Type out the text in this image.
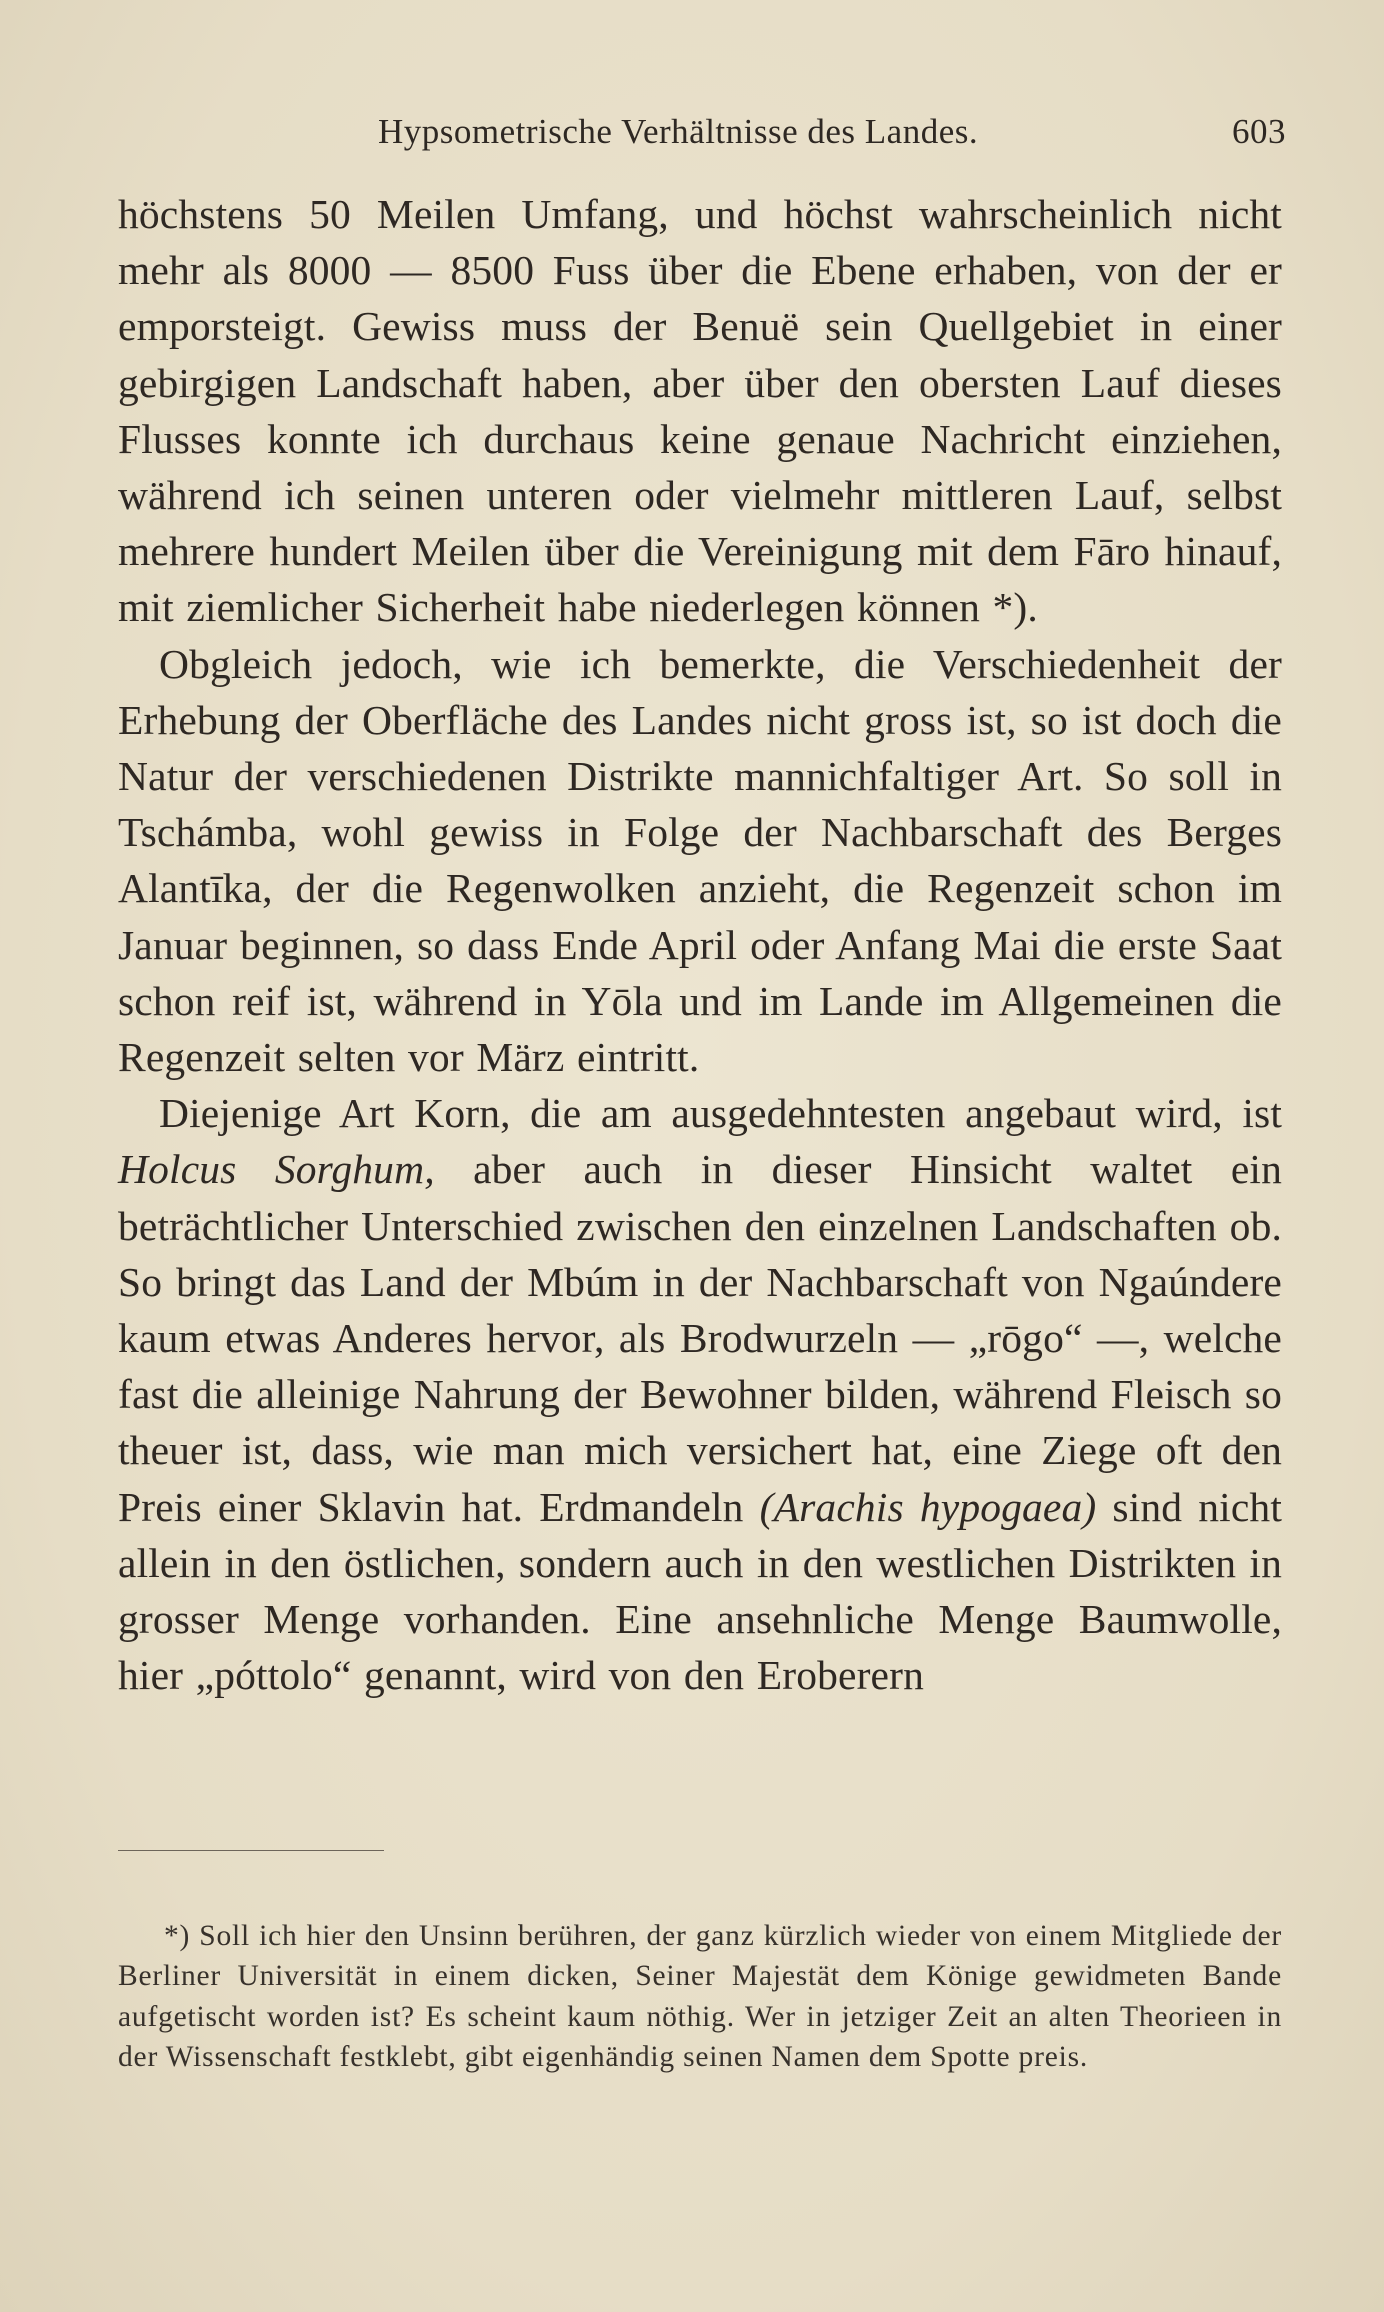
Hypsometrische Verhältnisse des Landes.	603

höchstens 50 Meilen Umfang, und höchst wahrscheinlich nicht mehr als 8000 — 8500 Fuss über die Ebene erhaben, von der er emporsteigt. Gewiss muss der Benuë sein Quellgebiet in einer gebirgigen Landschaft haben, aber über den obersten Lauf dieses Flusses konnte ich durchaus keine genaue Nachricht einziehen, während ich seinen unteren oder vielmehr mittleren Lauf, selbst mehrere hundert Meilen über die Vereinigung mit dem Fāro hinauf, mit ziemlicher Sicherheit habe niederlegen können *).

Obgleich jedoch, wie ich bemerkte, die Verschiedenheit der Erhebung der Oberfläche des Landes nicht gross ist, so ist doch die Natur der verschiedenen Distrikte mannichfaltiger Art. So soll in Tschámba, wohl gewiss in Folge der Nachbarschaft des Berges Alantīka, der die Regenwolken anzieht, die Regenzeit schon im Januar beginnen, so dass Ende April oder Anfang Mai die erste Saat schon reif ist, während in Yōla und im Lande im Allgemeinen die Regenzeit selten vor März eintritt.

Diejenige Art Korn, die am ausgedehntesten angebaut wird, ist Holcus Sorghum, aber auch in dieser Hinsicht waltet ein beträchtlicher Unterschied zwischen den einzelnen Landschaften ob. So bringt das Land der Mbúm in der Nachbarschaft von Ngaúndere kaum etwas Anderes hervor, als Brodwurzeln — „rōgo“ —, welche fast die alleinige Nahrung der Bewohner bilden, während Fleisch so theuer ist, dass, wie man mich versichert hat, eine Ziege oft den Preis einer Sklavin hat. Erdmandeln (Arachis hypogaea) sind nicht allein in den östlichen, sondern auch in den westlichen Distrikten in grosser Menge vorhanden. Eine ansehnliche Menge Baumwolle, hier „póttolo“ genannt, wird von den Eroberern

*) Soll ich hier den Unsinn berühren, der ganz kürzlich wieder von einem Mitgliede der Berliner Universität in einem dicken, Seiner Majestät dem Könige gewidmeten Bande aufgetischt worden ist? Es scheint kaum nöthig. Wer in jetziger Zeit an alten Theorieen in der Wissenschaft festklebt, gibt eigenhändig seinen Namen dem Spotte preis.
